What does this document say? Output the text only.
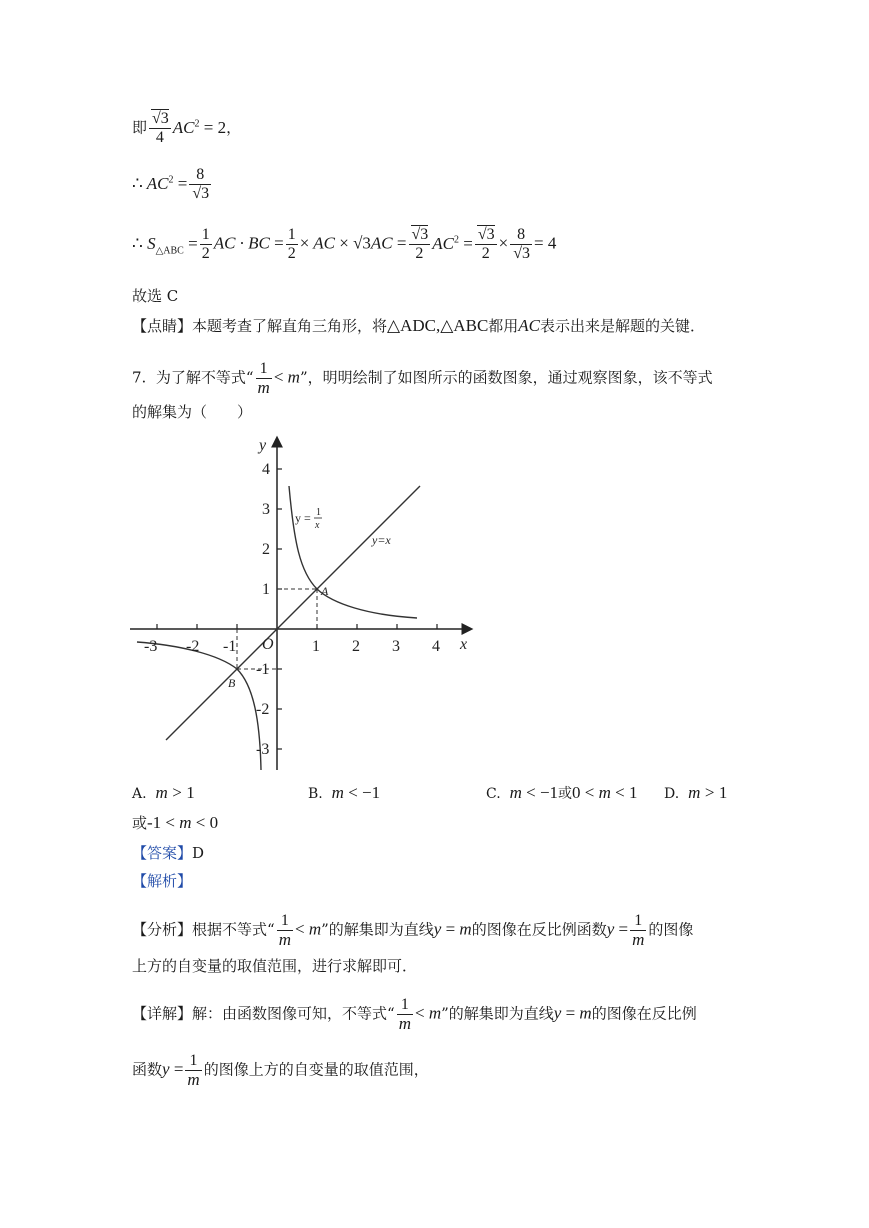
即 $\frac{√3}{4} AC^2 = 2$，
∴ $AC^2 = \frac{8}{√3}$
∴ $S_{\triangle ABC} = \frac{1}{2}$ AC · BC = $\frac{1}{2}$ × AC × $√3AC = \frac{√3}{2} AC^2 = \frac{√3}{2} \times \frac{8}{√3} = 4$
故选 C
【点睛】本题考查了解直角三角形，将△ADC,△ABC都用AC表示出来是解题的关键．
7. 为了解不等式“ $\frac{1}{m} < m$”，明明绘制了如图所示的函数图象，通过观察图象，该不等式
的解集为（　　）
-3 -2 -1	1 2 3 4
4
3
2
1
-1
-2
-3
O	x
y
A
B
y=x
y = 1
x
A. m > 1	B. m < −1	C. m < −1或0 < m < 1 D. m > 1
或-1 < m < 0
【答案】D
【解析】
【分析】根据不等式“ $\frac{1}{m} < m$”的解集即为直线y = m的图像在反比例函数$y = \frac{1}{m}$ 的图像
上方的自变量的取值范围，进行求解即可．
【详解】解：由函数图像可知，不等式“ $\frac{1}{m} < m$”的解集即为直线y = m的图像在反比例
函数$y = \frac{1}{m}$ 的图像上方的自变量的取值范围，
